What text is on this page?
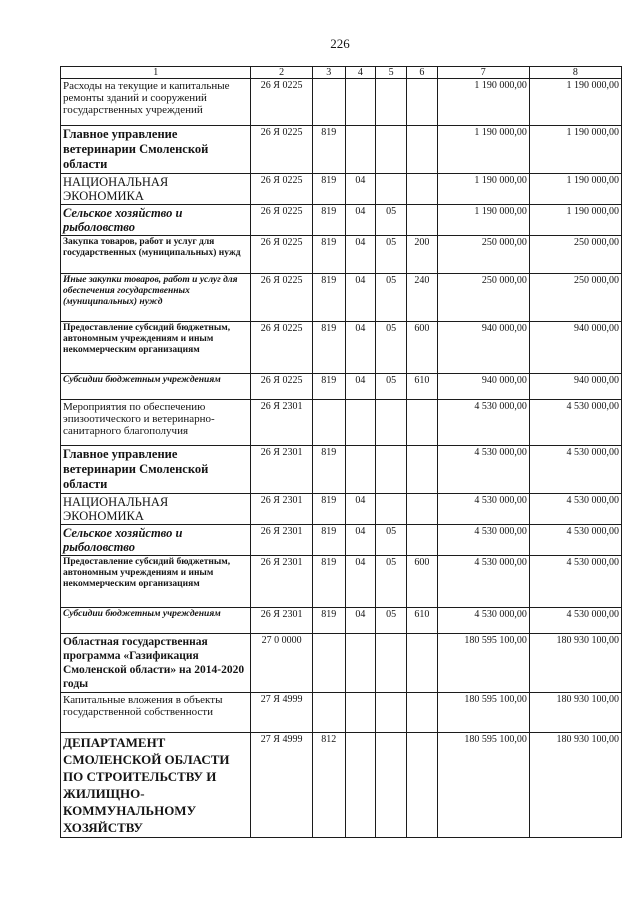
226
1	2	3	4	5	6	7	8
Расходы на текущие и капитальные ремонты зданий и сооружений государственных учреждений	26 Я 0225					1 190 000,00	1 190 000,00
Главное управление ветеринарии Смоленской области	26 Я 0225	819				1 190 000,00	1 190 000,00
НАЦИОНАЛЬНАЯ ЭКОНОМИКА	26 Я 0225	819	04			1 190 000,00	1 190 000,00
Сельское хозяйство и рыболовство	26 Я 0225	819	04	05		1 190 000,00	1 190 000,00
Закупка товаров, работ и услуг для государственных (муниципальных) нужд	26 Я 0225	819	04	05	200	250 000,00	250 000,00
Иные закупки товаров, работ и услуг для обеспечения государственных (муниципальных) нужд	26 Я 0225	819	04	05	240	250 000,00	250 000,00
Предоставление субсидий бюджетным, автономным учреждениям и иным некоммерческим организациям	26 Я 0225	819	04	05	600	940 000,00	940 000,00
Субсидии бюджетным учреждениям	26 Я 0225	819	04	05	610	940 000,00	940 000,00
Мероприятия по обеспечению эпизоотического и ветеринарно-санитарного благополучия	26 Я 2301					4 530 000,00	4 530 000,00
Главное управление ветеринарии Смоленской области	26 Я 2301	819				4 530 000,00	4 530 000,00
НАЦИОНАЛЬНАЯ ЭКОНОМИКА	26 Я 2301	819	04			4 530 000,00	4 530 000,00
Сельское хозяйство и рыболовство	26 Я 2301	819	04	05		4 530 000,00	4 530 000,00
Предоставление субсидий бюджетным, автономным учреждениям и иным некоммерческим организациям	26 Я 2301	819	04	05	600	4 530 000,00	4 530 000,00
Субсидии бюджетным учреждениям	26 Я 2301	819	04	05	610	4 530 000,00	4 530 000,00
Областная государственная программа «Газификация Смоленской области» на 2014-2020 годы	27 0 0000					180 595 100,00	180 930 100,00
Капитальные вложения в объекты государственной собственности	27 Я 4999					180 595 100,00	180 930 100,00
ДЕПАРТАМЕНТ СМОЛЕНСКОЙ ОБЛАСТИ ПО СТРОИТЕЛЬСТВУ И ЖИЛИЩНО-КОММУНАЛЬНОМУ ХОЗЯЙСТВУ	27 Я 4999	812				180 595 100,00	180 930 100,00
